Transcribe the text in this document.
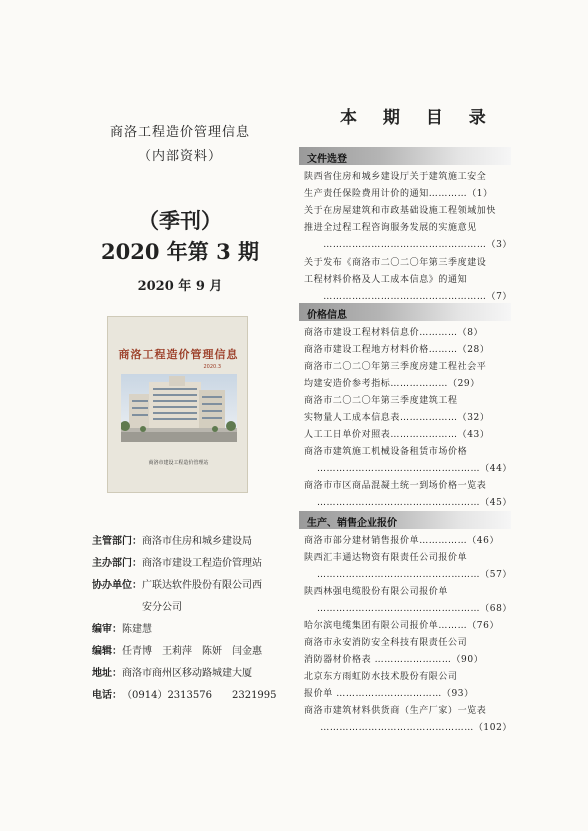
商洛工程造价管理信息
（内部资料）
（季刊）
2020 年第 3 期
2020 年 9 月
商洛工程造价管理信息
2020.3
商洛市建设工程造价管理站
主管部门： 商洛市住房和城乡建设局
主办部门： 商洛市建设工程造价管理站
协办单位： 广联达软件股份有限公司西
安分公司
编审： 陈建慧
编辑： 任青博　王莉萍　陈妍　闫金惠
地址： 商洛市商州区移动路城建大厦
电话： （0914）2313576　　2321995
本 期 目 录
文件选登
陕西省住房和城乡建设厅关于建筑施工安全
生产责任保险费用计价的通知…………（1）
关于在房屋建筑和市政基础设施工程领域加快
推进全过程工程咨询服务发展的实施意见
……………………………………………（3）
关于发布《商洛市二〇二〇年第三季度建设
工程材料价格及人工成本信息》的通知
……………………………………………（7）
价格信息
商洛市建设工程材料信息价…………（8）
商洛市建设工程地方材料价格………（28）
商洛市二〇二〇年第三季度房建工程社会平
均建安造价参考指标………………（29）
商洛市二〇二〇年第三季度建筑工程
实物量人工成本信息表………………（32）
人工工日单价对照表…………………（43）
商洛市建筑施工机械设备租赁市场价格
……………………………………………（44）
商洛市市区商品混凝土统一到场价格一览表
……………………………………………（45）
生产、销售企业报价
商洛市部分建材销售报价单……………（46）
陕西汇丰通达物资有限责任公司报价单
……………………………………………（57）
陕西林强电缆股份有限公司报价单
……………………………………………（68）
哈尔滨电缆集团有限公司报价单………（76）
商洛市永安消防安全科技有限责任公司
消防器材价格表 ……………………（90）
北京东方雨虹防水技术股份有限公司
报价单 ……………………………（93）
商洛市建筑材料供货商（生产厂家）一览表
…………………………………………（102）
